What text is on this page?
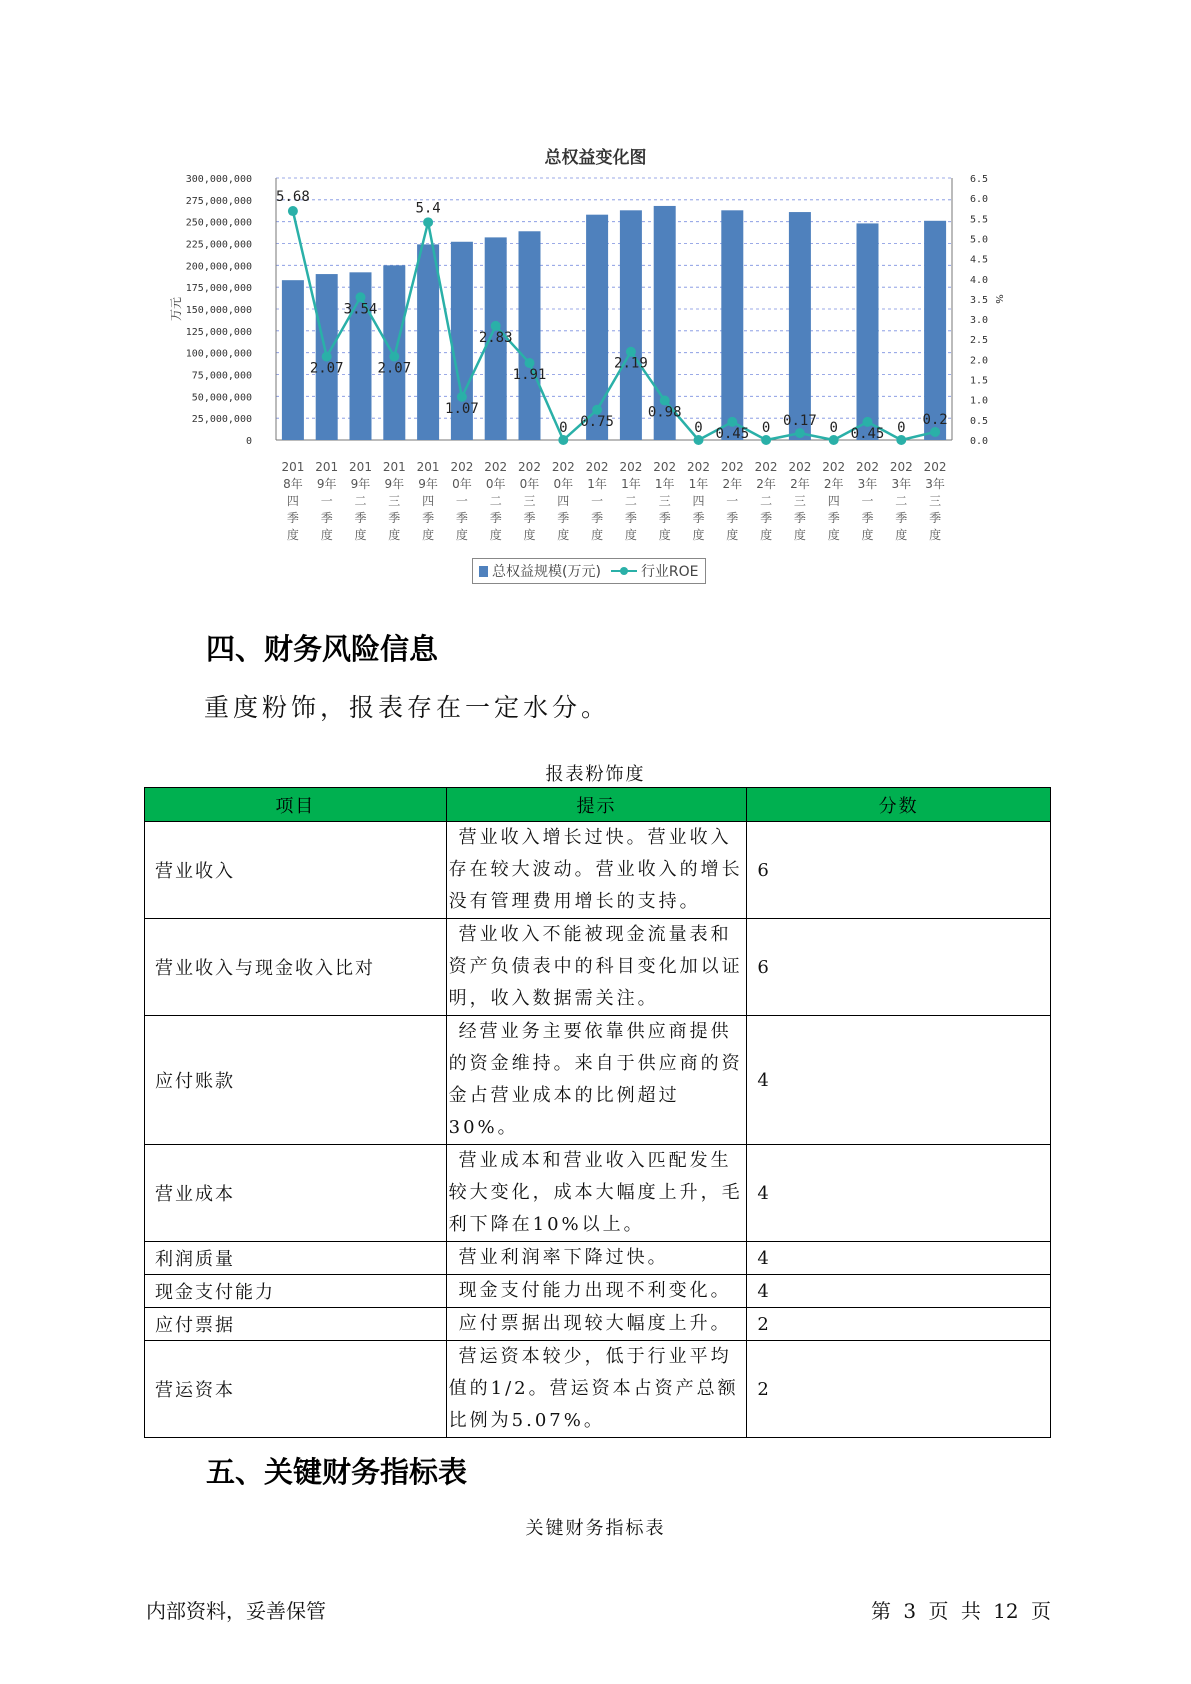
总权益变化图
300,000,000
275,000,000
250,000,000
225,000,000
200,000,000
175,000,000
150,000,000
125,000,000
100,000,000
75,000,000
50,000,000
25,000,000
0
6.5
6.0
5.5
5.0
4.5
4.0
3.5
3.0
2.5
2.0
1.5
1.0
0.5
0.0
万元	%
5.68
2.07
3.54
2.07
5.4
1.07
2.83
1.91
0 0.75
2.19
0.98
0 0.45 0 0.17 0 0.45 0
0.2
201 8年四季度
201 9年一季度
201 9年二季度
201 9年三季度
201 9年四季度
202 0年一季度
202 0年二季度
202 0年三季度
202 0年四季度
202 1年一季度
202 1年二季度
202 1年三季度
202 1年四季度
202 2年一季度
202 2年二季度
202 2年三季度
202 2年四季度
202 3年一季度
202 3年二季度
202 3年三季度
总权益规模(万元)	行业ROE
四、财务风险信息

重度粉饰，报表存在一定水分。

报表粉饰度
项目	提示	分数
营业收入	营业收入增长过快。营业收入存在较大波动。营业收入的增长没有管理费用增长的支持。	6
营业收入与现金收入比对	营业收入不能被现金流量表和资产负债表中的科目变化加以证明，收入数据需关注。	6
应付账款	经营业务主要依靠供应商提供的资金维持。来自于供应商的资金占营业成本的比例超过30%。	4
营业成本	营业成本和营业收入匹配发生较大变化，成本大幅度上升，毛利下降在10%以上。	4
利润质量	营业利润率下降过快。	4
现金支付能力	现金支付能力出现不利变化。	4
应付票据	应付票据出现较大幅度上升。	2
营运资本	营运资本较少，低于行业平均值的1/2。营运资本占资产总额比例为5.07%。	2
五、关键财务指标表
关键财务指标表
内部资料，妥善保管	第 3 页 共 12 页
